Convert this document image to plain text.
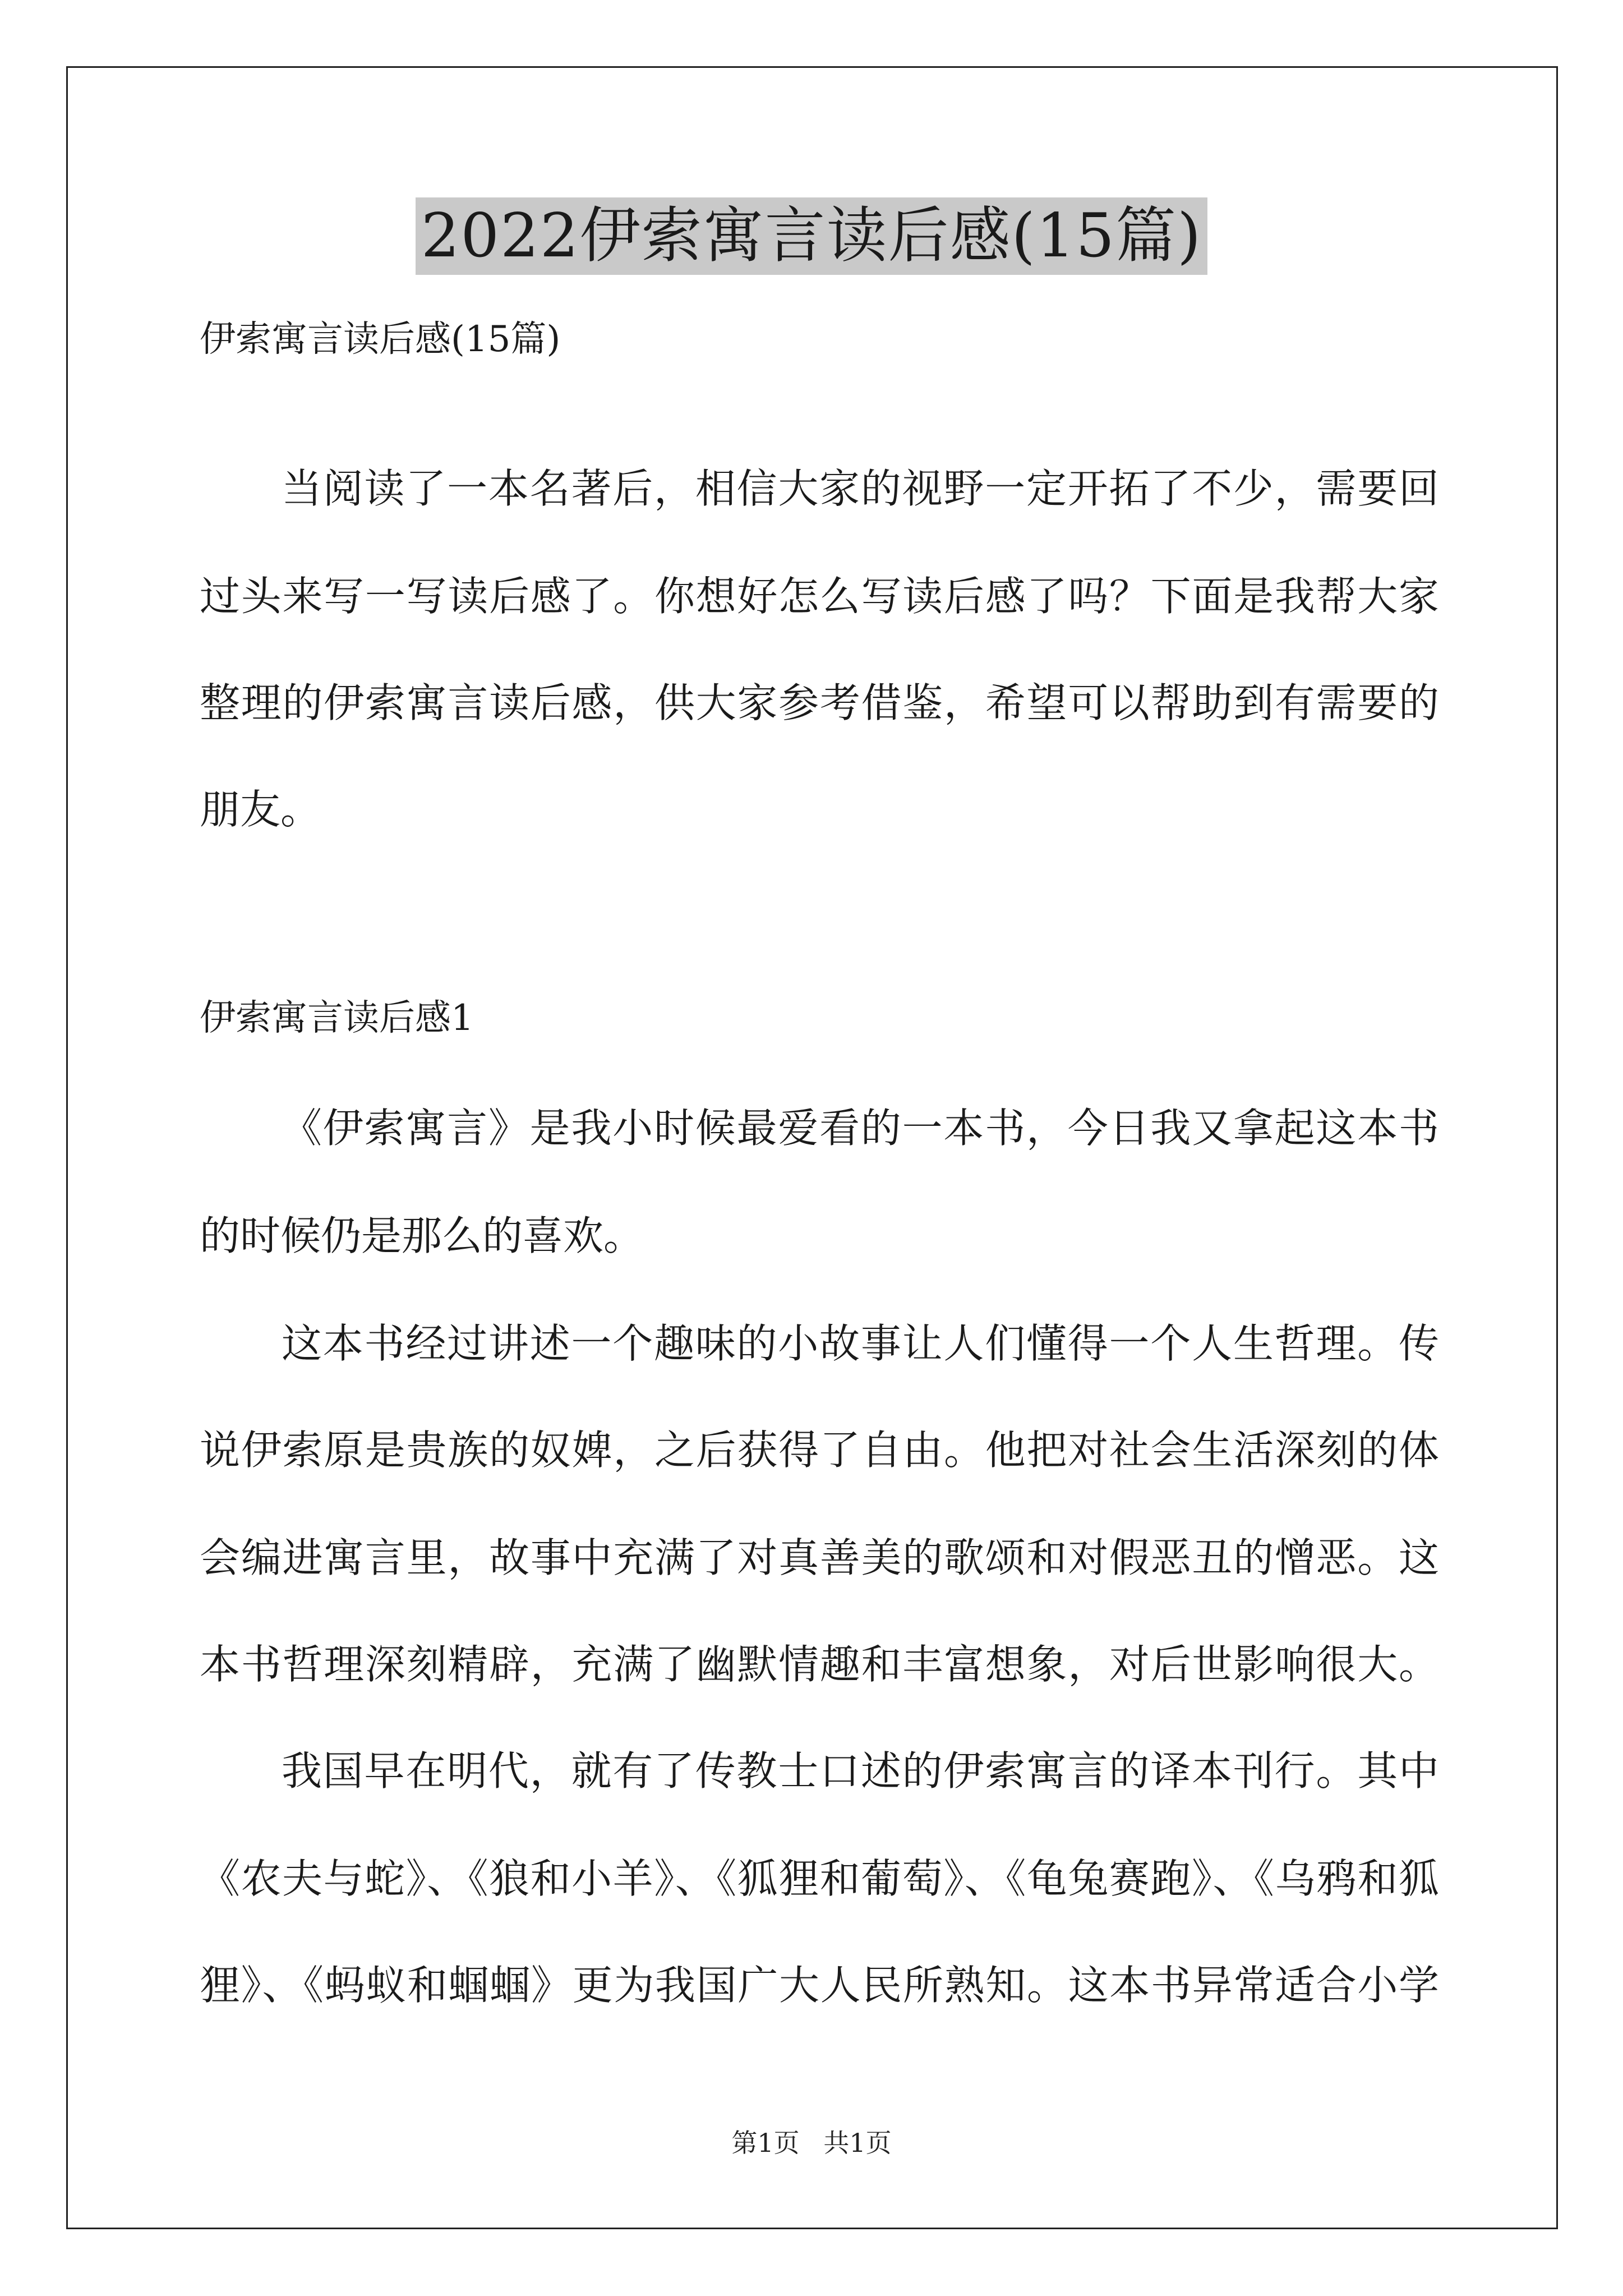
2022伊索寓言读后感(15篇)
伊索寓言读后感(15篇)
当阅读了一本名著后，相信大家的视野一定开拓了不少，需要回
过头来写一写读后感了。你想好怎么写读后感了吗？下面是我帮大家
整理的伊索寓言读后感，供大家参考借鉴，希望可以帮助到有需要的
朋友。
伊索寓言读后感1
《伊索寓言》是我小时候最爱看的一本书，今日我又拿起这本书
的时候仍是那么的喜欢。
这本书经过讲述一个趣味的小故事让人们懂得一个人生哲理。传
说伊索原是贵族的奴婢，之后获得了自由。他把对社会生活深刻的体
会编进寓言里，故事中充满了对真善美的歌颂和对假恶丑的憎恶。这
本书哲理深刻精辟，充满了幽默情趣和丰富想象，对后世影响很大。
我国早在明代，就有了传教士口述的伊索寓言的译本刊行。其中
《农夫与蛇》、《狼和小羊》、《狐狸和葡萄》、《龟兔赛跑》、《乌鸦和狐
狸》、《蚂蚁和蝈蝈》更为我国广大人民所熟知。这本书异常适合小学
第1页 共1页
